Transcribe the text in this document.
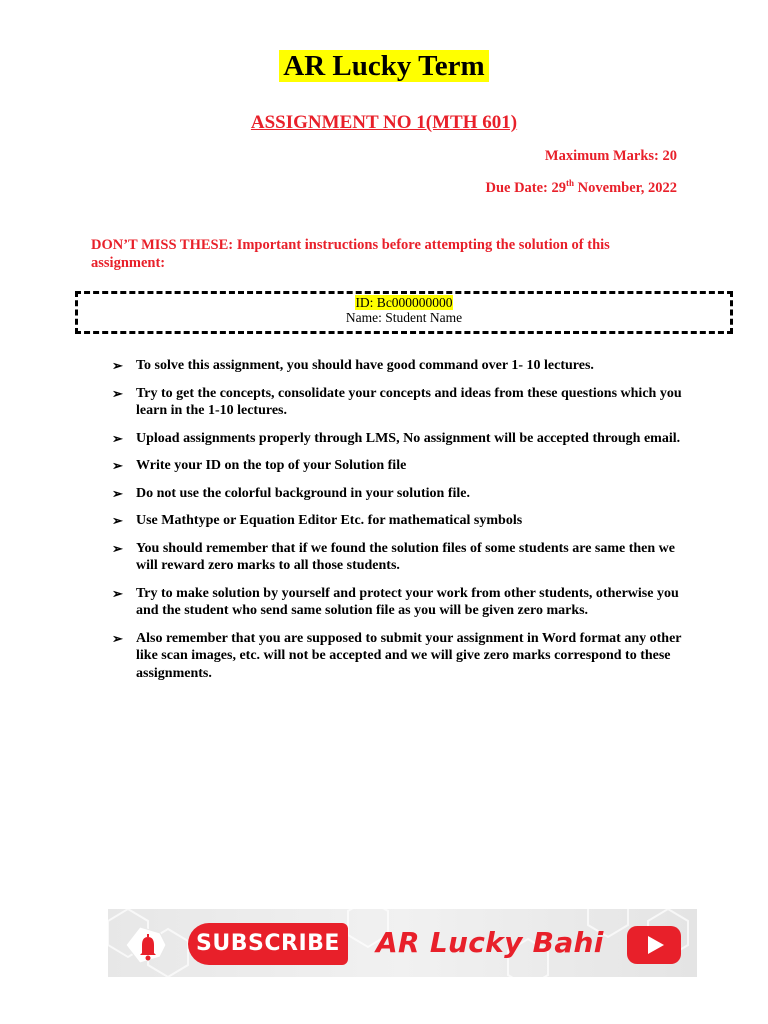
AR Lucky Term
ASSIGNMENT NO 1(MTH 601)
Maximum Marks: 20
Due Date: 29th November, 2022
DON’T MISS THESE: Important instructions before attempting the solution of this assignment:
ID: Bc000000000
Name: Student Name
➢ To solve this assignment, you should have good command over 1- 10 lectures.
➢ Try to get the concepts, consolidate your concepts and ideas from these questions which you learn in the 1-10 lectures.
➢ Upload assignments properly through LMS, No assignment will be accepted through email.
➢ Write your ID on the top of your Solution file
➢ Do not use the colorful background in your solution file.
➢ Use Mathtype or Equation Editor Etc. for mathematical symbols
➢ You should remember that if we found the solution files of some students are same then we will reward zero marks to all those students.
➢ Try to make solution by yourself and protect your work from other students, otherwise you and the student who send same solution file as you will be given zero marks.
➢ Also remember that you are supposed to submit your assignment in Word format any other like scan images, etc. will not be accepted and we will give zero marks correspond to these assignments.
SUBSCRIBE AR Lucky Bahi
